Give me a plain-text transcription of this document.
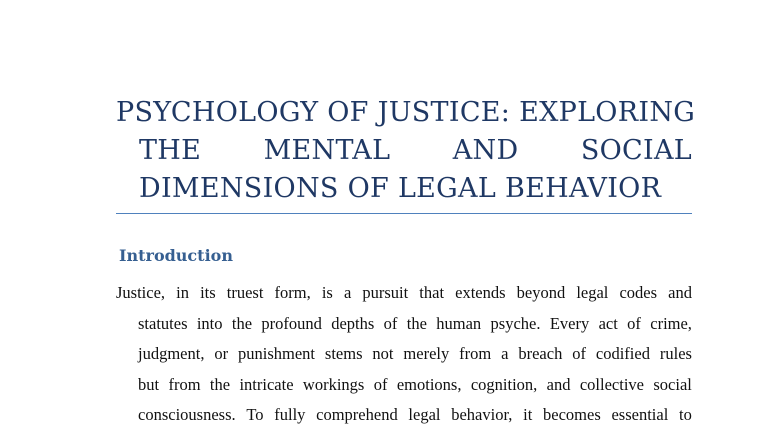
PSYCHOLOGY OF JUSTICE: EXPLORING
THE MENTAL AND SOCIAL
DIMENSIONS OF LEGAL BEHAVIOR
Introduction
Justice, in its truest form, is a pursuit that extends beyond legal codes and
statutes into the profound depths of the human psyche. Every act of crime,
judgment, or punishment stems not merely from a breach of codified rules
but from the intricate workings of emotions, cognition, and collective social
consciousness. To fully comprehend legal behavior, it becomes essential to
